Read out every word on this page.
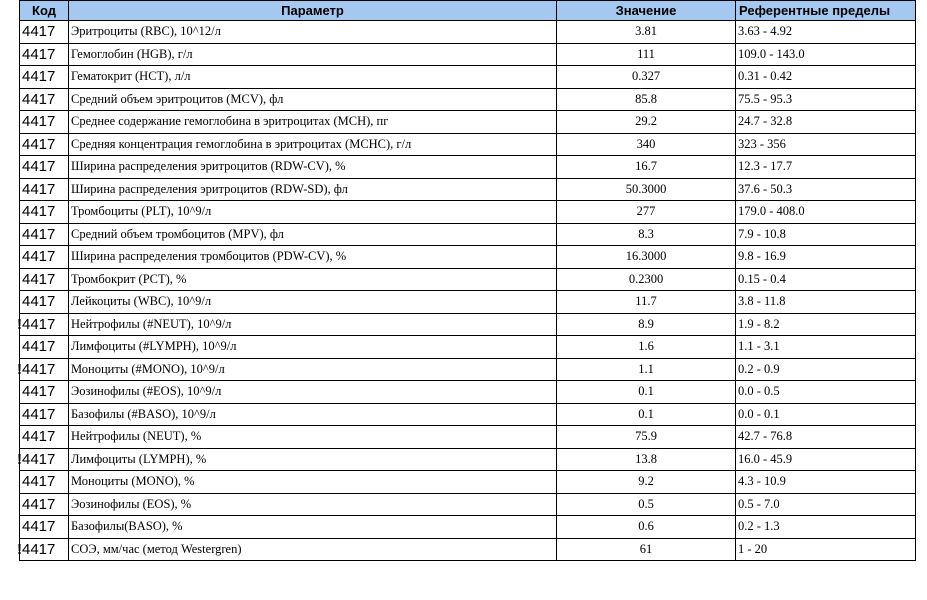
Код	Параметр	Значение	Референтные пределы
4417	Эритроциты (RBC), 10^12/л	3.81	3.63 - 4.92
4417	Гемоглобин (HGB), г/л	111	109.0 - 143.0
4417	Гематокрит (HCT), л/л	0.327	0.31 - 0.42
4417	Средний объем эритроцитов (MCV), фл	85.8	75.5 - 95.3
4417	Среднее содержание гемоглобина в эритроцитах (MCH), пг	29.2	24.7 - 32.8
4417	Средняя концентрация гемоглобина в эритроцитах (MCHC), г/л	340	323 - 356
4417	Ширина распределения эритроцитов (RDW-CV), %	16.7	12.3 - 17.7
4417	Ширина распределения эритроцитов (RDW-SD), фл	50.3000	37.6 - 50.3
4417	Тромбоциты (PLT), 10^9/л	277	179.0 - 408.0
4417	Средний объем тромбоцитов (MPV), фл	8.3	7.9 - 10.8
4417	Ширина распределения тромбоцитов (PDW-CV), %	16.3000	9.8 - 16.9
4417	Тромбокрит (PCT), %	0.2300	0.15 - 0.4
4417	Лейкоциты (WBC), 10^9/л	11.7	3.8 - 11.8

! 4417	Нейтрофилы (#NEUT), 10^9/л	8.9	1.9 - 8.2
4417	Лимфоциты (#LYMPH), 10^9/л	1.6	1.1 - 3.1

! 4417	Моноциты (#MONO), 10^9/л	1.1	0.2 - 0.9
4417	Эозинофилы (#EOS), 10^9/л	0.1	0.0 - 0.5
4417	Базофилы (#BASO), 10^9/л	0.1	0.0 - 0.1
4417	Нейтрофилы (NEUT), %	75.9	42.7 - 76.8

! 4417	Лимфоциты (LYMPH), %	13.8	16.0 - 45.9
4417	Моноциты (MONO), %	9.2	4.3 - 10.9
4417	Эозинофилы (EOS), %	0.5	0.5 - 7.0
4417	Базофилы(BASO), %	0.6	0.2 - 1.3

! 4417	СОЭ, мм/час (метод Westergren)	61	1 - 20
